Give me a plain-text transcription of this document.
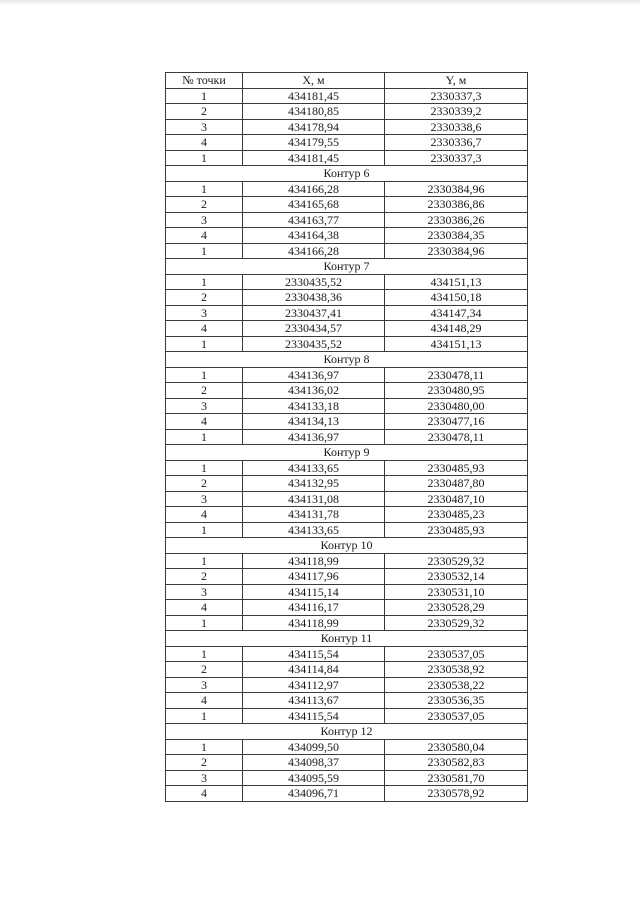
№ точки	X, м	Y, м
1	434181,45	2330337,3
2	434180,85	2330339,2
3	434178,94	2330338,6
4	434179,55	2330336,7
1	434181,45	2330337,3
Контур 6		
1	434166,28	2330384,96
2	434165,68	2330386,86
3	434163,77	2330386,26
4	434164,38	2330384,35
1	434166,28	2330384,96
Контур 7		
1	2330435,52	434151,13
2	2330438,36	434150,18
3	2330437,41	434147,34
4	2330434,57	434148,29
1	2330435,52	434151,13
Контур 8		
1	434136,97	2330478,11
2	434136,02	2330480,95
3	434133,18	2330480,00
4	434134,13	2330477,16
1	434136,97	2330478,11
Контур 9		
1	434133,65	2330485,93
2	434132,95	2330487,80
3	434131,08	2330487,10
4	434131,78	2330485,23
1	434133,65	2330485,93
Контур 10		
1	434118,99	2330529,32
2	434117,96	2330532,14
3	434115,14	2330531,10
4	434116,17	2330528,29
1	434118,99	2330529,32
Контур 11		
1	434115,54	2330537,05
2	434114,84	2330538,92
3	434112,97	2330538,22
4	434113,67	2330536,35
1	434115,54	2330537,05
Контур 12		
1	434099,50	2330580,04
2	434098,37	2330582,83
3	434095,59	2330581,70
4	434096,71	2330578,92
